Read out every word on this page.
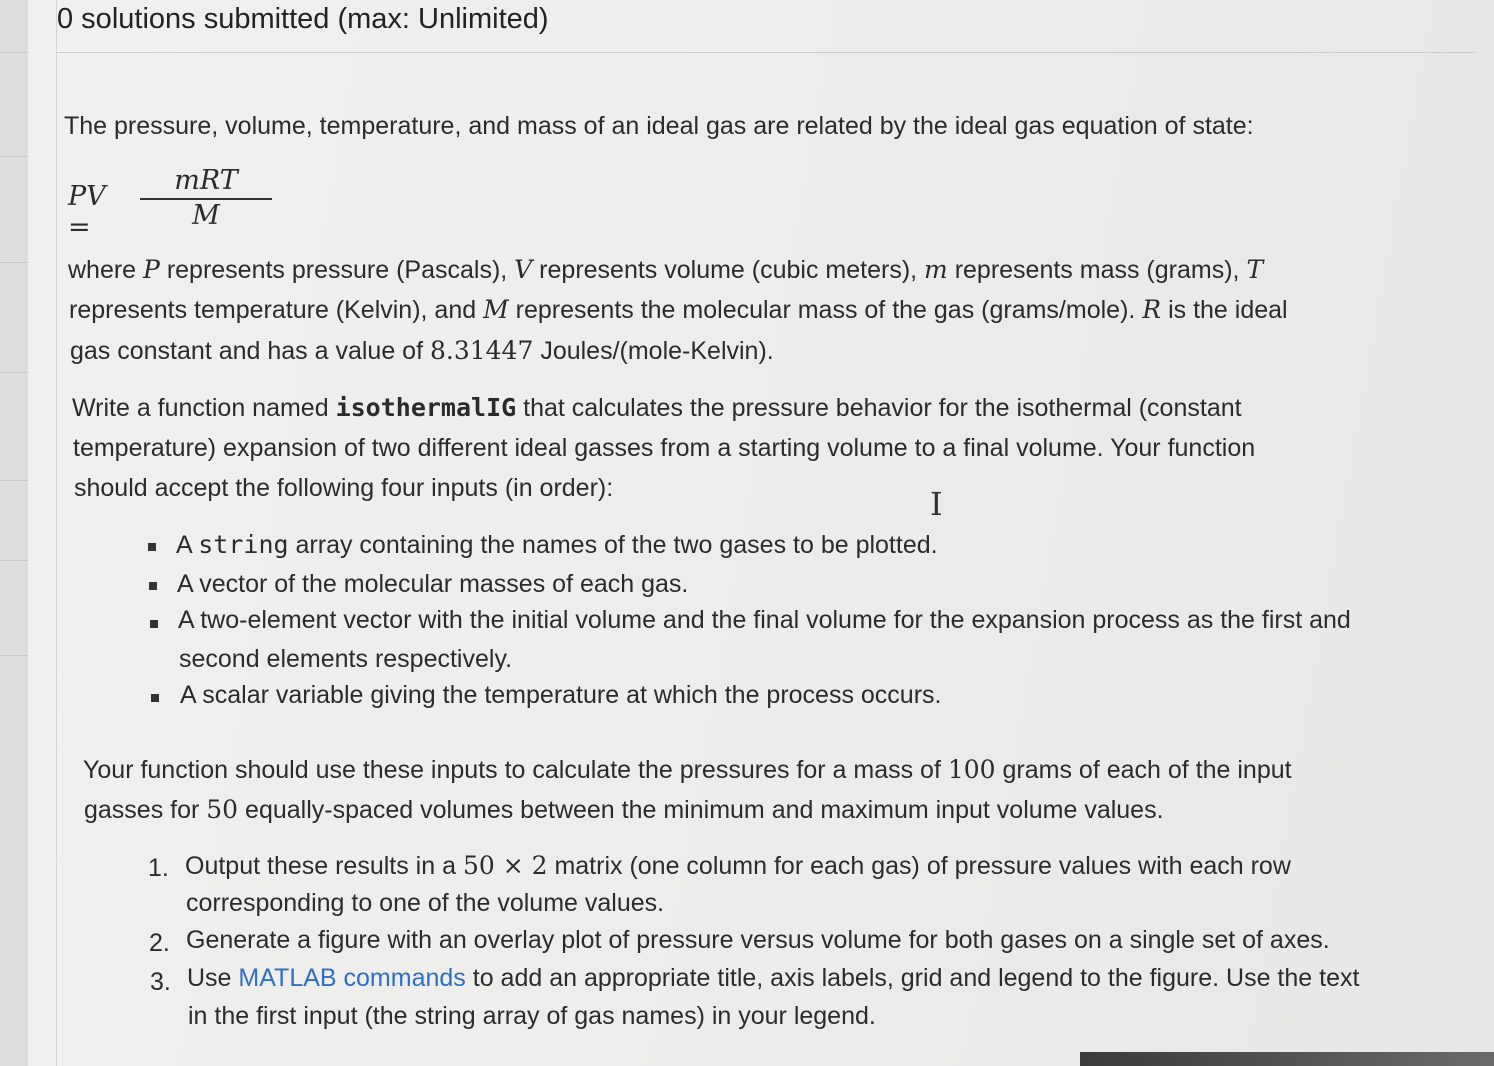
0 solutions submitted (max: Unlimited)
The pressure, volume, temperature, and mass of an ideal gas are related by the ideal gas equation of state:
PV =
mRT
M
where P represents pressure (Pascals), V represents volume (cubic meters), m represents mass (grams), T
represents temperature (Kelvin), and M represents the molecular mass of the gas (grams/mole). R is the ideal
gas constant and has a value of 8.31447 Joules/(mole-Kelvin).
Write a function named isothermalIG that calculates the pressure behavior for the isothermal (constant
temperature) expansion of two different ideal gasses from a starting volume to a final volume. Your function
should accept the following four inputs (in order):	I
A string array containing the names of the two gases to be plotted.
A vector of the molecular masses of each gas.
A two-element vector with the initial volume and the final volume for the expansion process as the first and
second elements respectively.
A scalar variable giving the temperature at which the process occurs.
Your function should use these inputs to calculate the pressures for a mass of 100 grams of each of the input
gasses for 50 equally-spaced volumes between the minimum and maximum input volume values.
1. Output these results in a 50 × 2 matrix (one column for each gas) of pressure values with each row
corresponding to one of the volume values.
2. Generate a figure with an overlay plot of pressure versus volume for both gases on a single set of axes.
3. Use MATLAB commands to add an appropriate title, axis labels, grid and legend to the figure. Use the text
in the first input (the string array of gas names) in your legend.
